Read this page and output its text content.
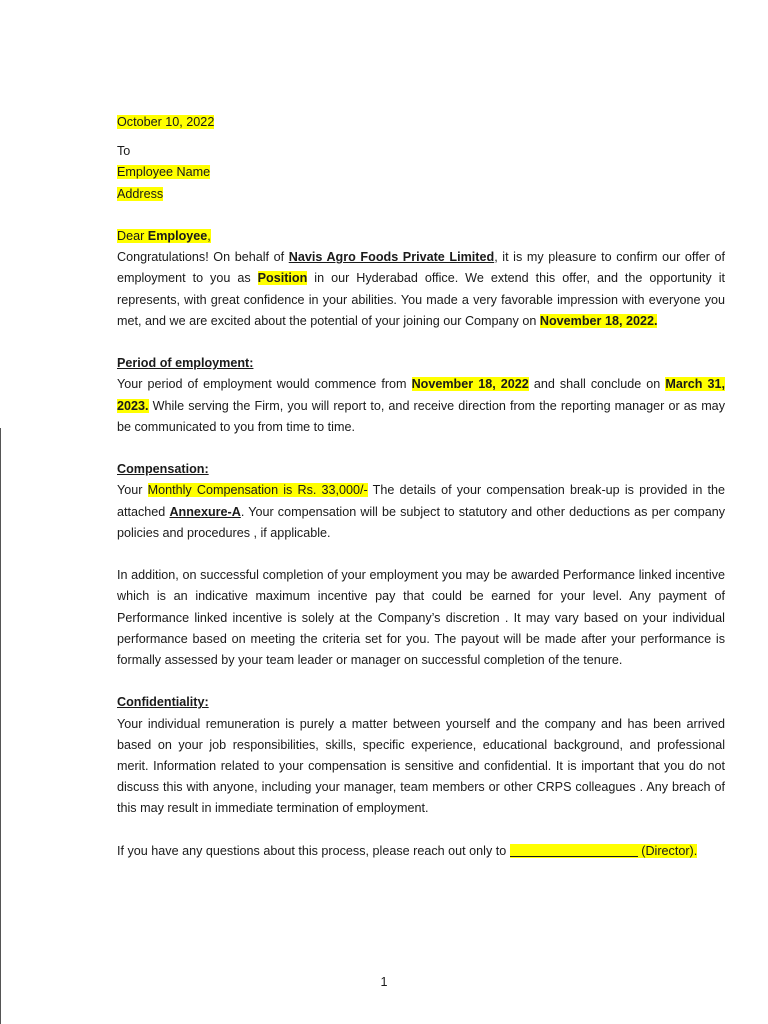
October 10, 2022
To
Employee Name
Address
Dear Employee,
Congratulations! On behalf of Navis Agro Foods Private Limited, it is my pleasure to confirm our offer of employment to you as Position in our Hyderabad office. We extend this offer, and the opportunity it represents, with great confidence in your abilities. You made a very favorable impression with everyone you met, and we are excited about the potential of your joining our Company on November 18, 2022.
Period of employment:
Your period of employment would commence from November 18, 2022 and shall conclude on March 31, 2023. While serving the Firm, you will report to, and receive direction from the reporting manager or as may be communicated to you from time to time.
Compensation:
Your Monthly Compensation is Rs. 33,000/- The details of your compensation break-up is provided in the attached Annexure-A. Your compensation will be subject to statutory and other deductions as per company policies and procedures , if applicable.
In addition, on successful completion of your employment you may be awarded Performance linked incentive which is an indicative maximum incentive pay that could be earned for your level. Any payment of Performance linked incentive is solely at the Company’s discretion . It may vary based on your individual performance based on meeting the criteria set for you. The payout will be made after your performance is formally assessed by your team leader or manager on successful completion of the tenure.
Confidentiality:
Your individual remuneration is purely a matter between yourself and the company and has been arrived based on your job responsibilities, skills, specific experience, educational background, and professional merit. Information related to your compensation is sensitive and confidential. It is important that you do not discuss this with anyone, including your manager, team members or other CRPS colleagues . Any breach of this may result in immediate termination of employment.
If you have any questions about this process, please reach out only to	(Director).
1
